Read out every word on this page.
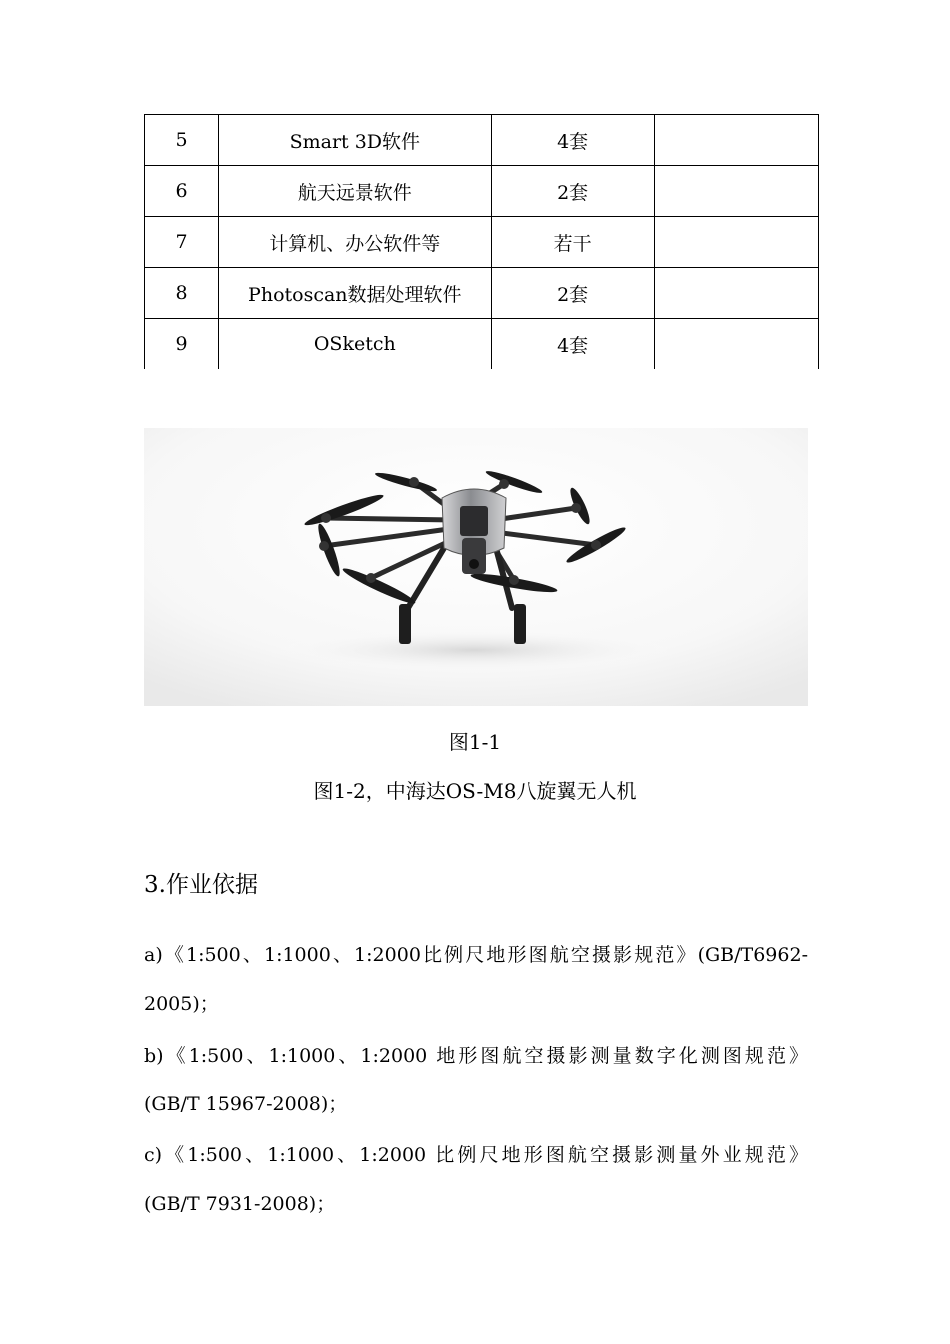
5	Smart 3D软件	4套	
6	航天远景软件	2套	
7	计算机、办公软件等	若干	
8	Photoscan数据处理软件	2套	
9	OSketch	4套	
图1-1
图1-2，中海达OS-M8八旋翼无人机
3.作业依据
a)《1:500、1:1000、1:2000比例尺地形图航空摄影规范》(GB/T6962-
2005)；
b)《1:500、1:1000、1:2000 地形图航空摄影测量数字化测图规范》
(GB/T 15967-2008)；
c)《1:500、1:1000、1:2000 比例尺地形图航空摄影测量外业规范》
(GB/T 7931-2008)；
